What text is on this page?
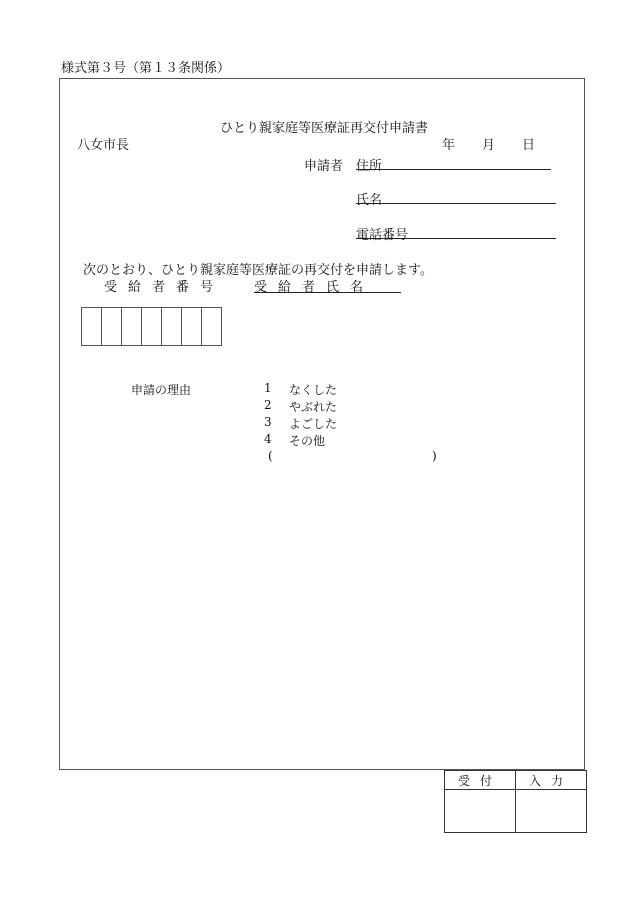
様式第３号（第１３条関係）
ひとり親家庭等医療証再交付申請書
八女市長	年 月 日
申請者 住所
氏名
電話番号
次のとおり、ひとり親家庭等医療証の再交付を申請します。
受給者番号 受給者氏名
申請の理由	1 なくした
2 やぶれた
3 よごした
4 その他
(	)
受付	入力
